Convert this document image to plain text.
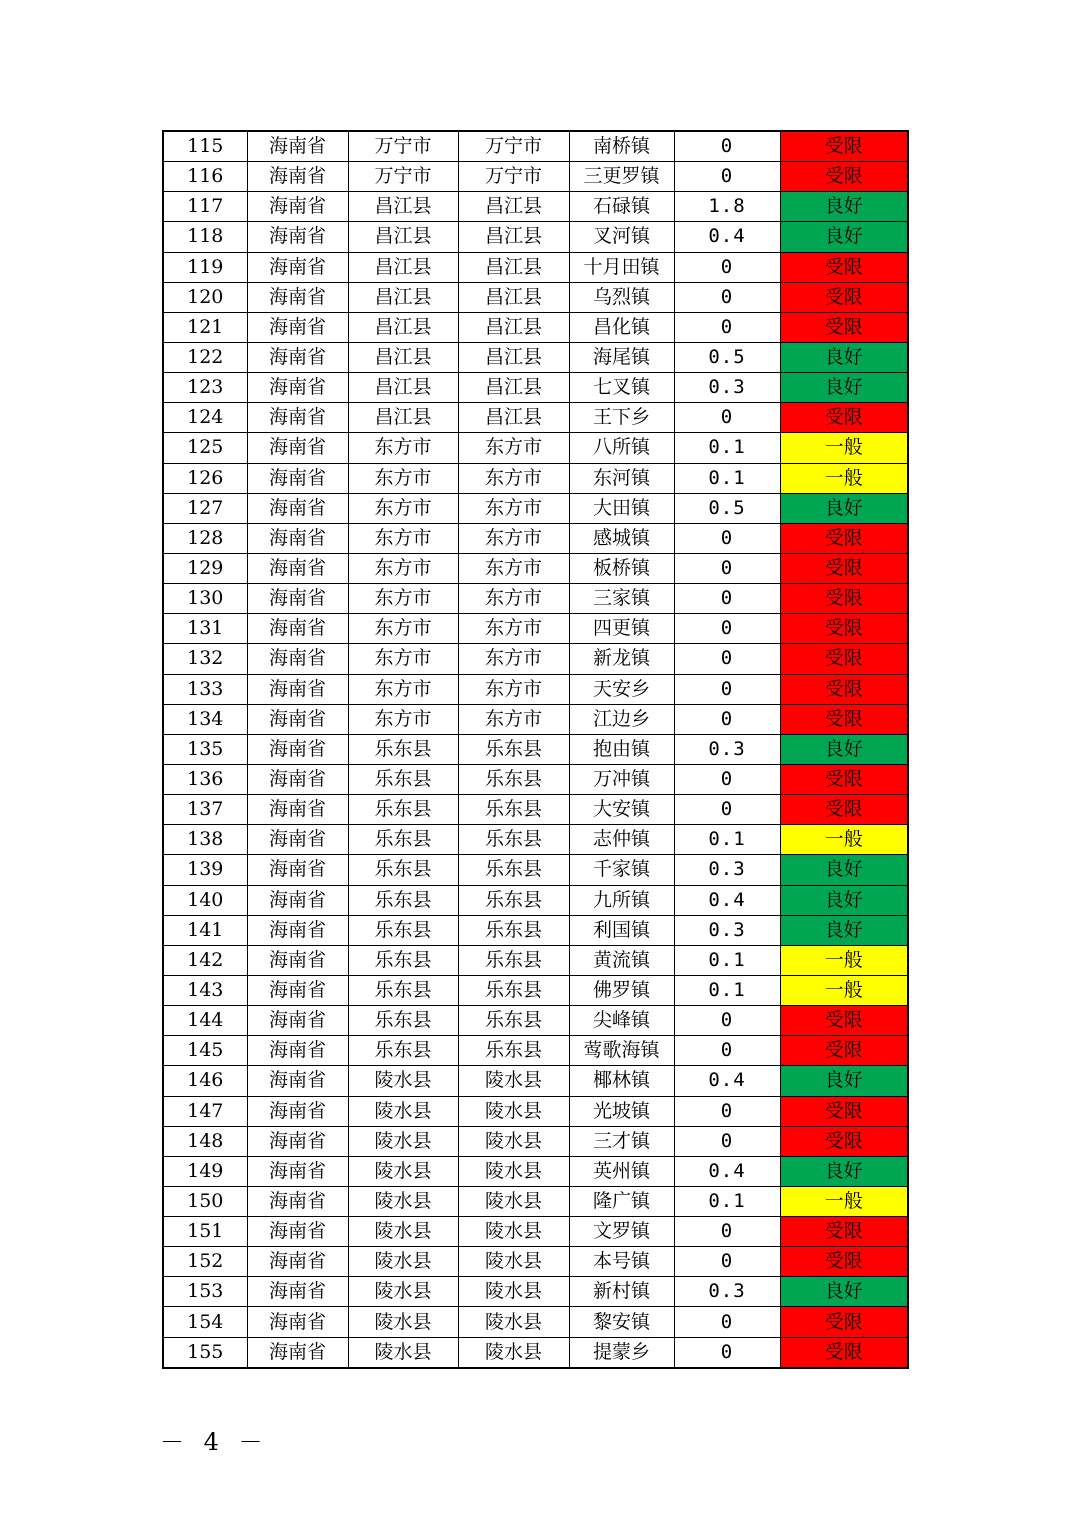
115	海南省	万宁市	万宁市	南桥镇	0	受限
116	海南省	万宁市	万宁市	三更罗镇	0	受限
117	海南省	昌江县	昌江县	石碌镇	1.8	良好
118	海南省	昌江县	昌江县	叉河镇	0.4	良好
119	海南省	昌江县	昌江县	十月田镇	0	受限
120	海南省	昌江县	昌江县	乌烈镇	0	受限
121	海南省	昌江县	昌江县	昌化镇	0	受限
122	海南省	昌江县	昌江县	海尾镇	0.5	良好
123	海南省	昌江县	昌江县	七叉镇	0.3	良好
124	海南省	昌江县	昌江县	王下乡	0	受限
125	海南省	东方市	东方市	八所镇	0.1	一般
126	海南省	东方市	东方市	东河镇	0.1	一般
127	海南省	东方市	东方市	大田镇	0.5	良好
128	海南省	东方市	东方市	感城镇	0	受限
129	海南省	东方市	东方市	板桥镇	0	受限
130	海南省	东方市	东方市	三家镇	0	受限
131	海南省	东方市	东方市	四更镇	0	受限
132	海南省	东方市	东方市	新龙镇	0	受限
133	海南省	东方市	东方市	天安乡	0	受限
134	海南省	东方市	东方市	江边乡	0	受限
135	海南省	乐东县	乐东县	抱由镇	0.3	良好
136	海南省	乐东县	乐东县	万冲镇	0	受限
137	海南省	乐东县	乐东县	大安镇	0	受限
138	海南省	乐东县	乐东县	志仲镇	0.1	一般
139	海南省	乐东县	乐东县	千家镇	0.3	良好
140	海南省	乐东县	乐东县	九所镇	0.4	良好
141	海南省	乐东县	乐东县	利国镇	0.3	良好
142	海南省	乐东县	乐东县	黄流镇	0.1	一般
143	海南省	乐东县	乐东县	佛罗镇	0.1	一般
144	海南省	乐东县	乐东县	尖峰镇	0	受限
145	海南省	乐东县	乐东县	莺歌海镇	0	受限
146	海南省	陵水县	陵水县	椰林镇	0.4	良好
147	海南省	陵水县	陵水县	光坡镇	0	受限
148	海南省	陵水县	陵水县	三才镇	0	受限
149	海南省	陵水县	陵水县	英州镇	0.4	良好
150	海南省	陵水县	陵水县	隆广镇	0.1	一般
151	海南省	陵水县	陵水县	文罗镇	0	受限
152	海南省	陵水县	陵水县	本号镇	0	受限
153	海南省	陵水县	陵水县	新村镇	0.3	良好
154	海南省	陵水县	陵水县	黎安镇	0	受限
155	海南省	陵水县	陵水县	提蒙乡	0	受限
－ 4 －
